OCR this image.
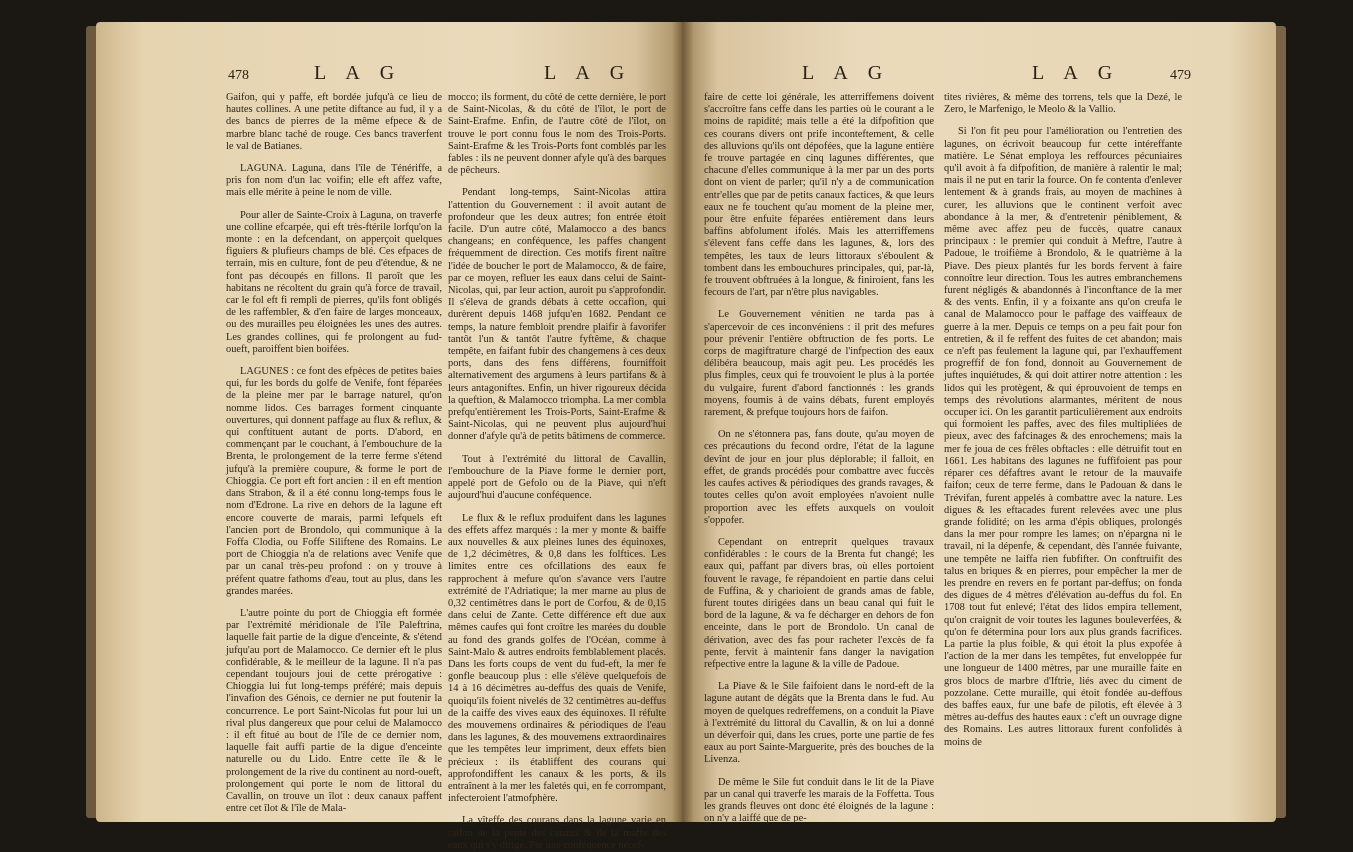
478	L A G	L A G

Gaifon, qui y paffe, eft bordée jufqu'à ce lieu de hautes collines. A une petite diftance au fud, il y a des bancs de pierres de la même efpece & de marbre blanc taché de rouge. Ces bancs traverfent le val de Batianes.

LAGUNA. Laguna, dans l'île de Ténériffe, a pris fon nom d'un lac voifin; elle eft affez vafte, mais elle mérite à peine le nom de ville.

Pour aller de Sainte-Croix à Laguna, on traverfe une colline efcarpée, qui eft très-ftérile lorfqu'on la monte : en la defcendant, on apperçoit quelques figuiers & plufieurs champs de blé. Ces efpaces de terrain, mis en culture, font de peu d'étendue, & ne font pas découpés en fillons. Il paroît que les habitans ne récoltent du grain qu'à force de travail, car le fol eft fi rempli de pierres, qu'ils font obligés de les raffembler, & d'en faire de larges monceaux, ou des murailles peu éloignées les unes des autres. Les grandes collines, qui fe prolongent au fud-oueft, paroiffent bien boifées.

LAGUNES : ce font des efpèces de petites baies qui, fur les bords du golfe de Venife, font féparées de la pleine mer par le barrage naturel, qu'on nomme lidos. Ces barrages forment cinquante ouvertures, qui donnent paffage au flux & reflux, & qui conftituent autant de ports. D'abord, en commençant par le couchant, à l'embouchure de la Brenta, le prolongement de la terre ferme s'étend jufqu'à la première coupure, & forme le port de Chioggia. Ce port eft fort ancien : il en eft mention dans Strabon, & il a été connu long-temps fous le nom d'Edrone. La rive en dehors de la lagune eft encore couverte de marais, parmi lefquels eft l'ancien port de Brondolo, qui communique à la Foffa Clodia, ou Foffe Siliftene des Romains. Le port de Chioggia n'a de relations avec Venife que par un canal très-peu profond : on y trouve à préfent quatre fathoms d'eau, tout au plus, dans les grandes marées.

L'autre pointe du port de Chioggia eft formée par l'extrémité méridionale de l'île Paleftrina, laquelle fait partie de la digue d'enceinte, & s'étend jufqu'au port de Malamocco. Ce dernier eft le plus confidérable, & le meilleur de la lagune. Il n'a pas cependant toujours joui de cette prérogative : Chioggia lui fut long-temps préféré; mais depuis l'invafion des Génois, ce dernier ne put foutenir la concurrence. Le port Saint-Nicolas fut pour lui un rival plus dangereux que pour celui de Malamocco : il eft fitué au bout de l'île de ce dernier nom, laquelle fait auffi partie de la digue d'enceinte naturelle ou du Lido. Entre cette île & le prolongement de la rive du continent au nord-oueft, prolongement qui porte le nom de littoral du Cavallin, on trouve un îlot : deux canaux paffent entre cet îlot & l'île de Mala-

mocco; ils forment, du côté de cette dernière, le port de Saint-Nicolas, & du côté de l'îlot, le port de Saint-Erafme. Enfin, de l'autre côté de l'îlot, on trouve le port connu fous le nom des Trois-Ports. Saint-Erafme & les Trois-Ports font comblés par les fables : ils ne peuvent donner afyle qu'à des barques de pêcheurs.

Pendant long-temps, Saint-Nicolas attira l'attention du Gouvernement : il avoit autant de profondeur que les deux autres; fon entrée étoit facile. D'un autre côté, Malamocco a des bancs changeans; en conféquence, les paffes changent fréquemment de direction. Ces motifs firent naître l'idée de boucher le port de Malamocco, & de faire, par ce moyen, refluer les eaux dans celui de Saint-Nicolas, qui, par leur action, auroit pu s'approfondir. Il s'éleva de grands débats à cette occafion, qui durèrent depuis 1468 jufqu'en 1682. Pendant ce temps, la nature fembloit prendre plaifir à favorifer tantôt l'un & tantôt l'autre fyftême, & chaque tempête, en faifant fubir des changemens à ces deux ports, dans des fens différens, fourniffoit alternativement des argumens à leurs partifans & à leurs antagoniftes. Enfin, un hiver rigoureux décida la queftion, & Malamocco triompha. La mer combla prefqu'entièrement les Trois-Ports, Saint-Erafme & Saint-Nicolas, qui ne peuvent plus aujourd'hui donner d'afyle qu'à de petits bâtimens de commerce.

Tout à l'extrémité du littoral de Cavallin, l'embouchure de la Piave forme le dernier port, appelé port de Gefolo ou de la Piave, qui n'eft aujourd'hui d'aucune conféquence.

Le flux & le reflux produifent dans les lagunes des effets affez marqués : la mer y monte & baiffe aux nouvelles & aux pleines lunes des équinoxes, de 1,2 décimètres, & 0,8 dans les folftices. Les limites entre ces ofcillations des eaux fe rapprochent à mefure qu'on s'avance vers l'autre extrémité de l'Adriatique; la mer marne au plus de 0,32 centimètres dans le port de Corfou, & de 0,15 dans celui de Zante. Cette différence eft due aux mêmes caufes qui font croître les marées du double au fond des grands golfes de l'Océan, comme à Saint-Malo & autres endroits femblablement placés. Dans les forts coups de vent du fud-eft, la mer fe gonfle beaucoup plus : elle s'élève quelquefois de 14 à 16 décimètres au-deffus des quais de Venife, quoiqu'ils foient nivelés de 32 centimètres au-deffus de la caiffe des vives eaux des équinoxes. Il réfulte des mouvemens ordinaires & périodiques de l'eau dans les lagunes, & des mouvemens extraordinaires que les tempêtes leur impriment, deux effets bien précieux : ils établiffent des courans qui approfondiffent les canaux & les ports, & ils entraînent à la mer les faletés qui, en fe corrompant, infecteroient l'atmofphère.

La vîteffe des courans dans la lagune varie en raifon de la pente des canaux & de la maffe des eaux qui s'y dirige. Par une conféquence nécef-

L A G	L A G	479

faire de cette loi générale, les atterriffemens doivent s'accroître fans ceffe dans les parties où le courant a le moins de rapidité; mais telle a été la difpofition que ces courans divers ont prife inconteftement, & celle des alluvions qu'ils ont dépofées, que la lagune entière fe trouve partagée en cinq lagunes différentes, que chacune d'elles communique à la mer par un des ports dont on vient de parler; qu'il n'y a de communication entr'elles que par de petits canaux factices, & que leurs eaux ne fe touchent qu'au moment de la pleine mer, pour être enfuite féparées entièrement dans leurs baffins abfolument ifolés. Mais les atterriffemens s'élevent fans ceffe dans les lagunes, &, lors des tempêtes, les taux de leurs littoraux s'éboulent & tombent dans les embouchures principales, qui, par-là, fe trouvent obftruées à la longue, & finiroient, fans les fecours de l'art, par n'être plus navigables.

Le Gouvernement vénitien ne tarda pas à s'apercevoir de ces inconvéniens : il prit des mefures pour prévenir l'entière obftruction de fes ports. Le corps de magiftrature chargé de l'infpection des eaux délibéra beaucoup, mais agit peu. Les procédés les plus fimples, ceux qui fe trouvoient le plus à la portée du vulgaire, furent d'abord fanctionnés : les grands moyens, foumis à de vains débats, furent employés rarement, & prefque toujours hors de faifon.

On ne s'étonnera pas, fans doute, qu'au moyen de ces précautions du fecond ordre, l'état de la lagune devînt de jour en jour plus déplorable; il falloit, en effet, de grands procédés pour combattre avec fuccès les caufes actives & périodiques des grands ravages, & toutes celles qu'on avoit employées n'avoient nulle proportion avec les effets auxquels on vouloit s'oppofer.

Cependant on entreprit quelques travaux confidérables : le cours de la Brenta fut changé; les eaux qui, paffant par divers bras, où elles portoient fouvent le ravage, fe répandoient en partie dans celui de Fuffina, & y charioient de grands amas de fable, furent toutes dirigées dans un beau canal qui fuit le bord de la lagune, & va fe décharger en dehors de fon enceinte, dans le port de Brondolo. Un canal de dérivation, avec des fas pour racheter l'excès de fa pente, fervit à maintenir fans danger la navigation refpective entre la lagune & la ville de Padoue.

La Piave & le Sile faifoient dans le nord-eft de la lagune autant de dégâts que la Brenta dans le fud. Au moyen de quelques redreffemens, on a conduit la Piave à l'extrémité du littoral du Cavallin, & on lui a donné un déverfoir qui, dans les crues, porte une partie de fes eaux au port Sainte-Marguerite, près des bouches de la Livenza.

De même le Sile fut conduit dans le lit de la Piave par un canal qui traverfe les marais de la Foffetta. Tous les grands fleuves ont donc été éloignés de la lagune : on n'y a laiffé que de pe-

tites rivières, & même des torrens, tels que la Dezé, le Zero, le Marfenigo, le Meolo & la Vallio.

Si l'on fit peu pour l'amélioration ou l'entretien des lagunes, on écrivoit beaucoup fur cette intéreffante matière. Le Sénat employa les reffources pécuniaires qu'il avoit à fa difpofition, de manière à ralentir le mal; mais il ne put en tarir la fource. On fe contenta d'enlever lentement & à grands frais, au moyen de machines à curer, les alluvions que le continent verfoit avec abondance à la mer, & d'entretenir péniblement, & même avec affez peu de fuccès, quatre canaux principaux : le premier qui conduit à Meftre, l'autre à Padoue, le troifième à Brondolo, & le quatrième à la Piave. Des pieux plantés fur les bords fervent à faire connoître leur direction. Tous les autres embranchemens furent négligés & abandonnés à l'inconftance de la mer & des vents. Enfin, il y a foixante ans qu'on creufa le canal de Malamocco pour le paffage des vaiffeaux de guerre à la mer. Depuis ce temps on a peu fait pour fon entretien, & il fe reffent des fuites de cet abandon; mais ce n'eft pas feulement la lagune qui, par l'exhauffement progreffif de fon fond, donnoit au Gouvernement de juftes inquiétudes, & qui doit attirer notre attention : les lidos qui les protègent, & qui éprouvoient de temps en temps des révolutions alarmantes, méritent de nous occuper ici. On les garantit particulièrement aux endroits qui formoient les paffes, avec des files multipliées de pieux, avec des fafcinages & des enrochemens; mais la mer fe joua de ces frêles obftacles : elle détruifit tout en 1661. Les habitans des lagunes ne fuffifoient pas pour réparer ces défaftres avant le retour de la mauvaife faifon; ceux de terre ferme, dans le Padouan & dans le Trévifan, furent appelés à combattre avec la nature. Les digues & les eftacades furent relevées avec une plus grande folidité; on les arma d'épis obliques, prolongés dans la mer pour rompre les lames; on n'épargna ni le travail, ni la dépenfe, & cependant, dès l'année fuivante, une tempête ne laiffa rien fubfifter. On conftruifit des talus en briques & en pierres, pour empêcher la mer de les prendre en revers en fe portant par-deffus; on fonda des digues de 4 mètres d'élévation au-deffus du fol. En 1708 tout fut enlevé; l'état des lidos empira tellement, qu'on craignit de voir toutes les lagunes bouleverfées, & qu'on fe détermina pour lors aux plus grands facrifices. La partie la plus foible, & qui étoit la plus expofée à l'action de la mer dans les tempêtes, fut enveloppée fur une longueur de 1400 mètres, par une muraille faite en gros blocs de marbre d'Iftrie, liés avec du ciment de pozzolane. Cette muraille, qui étoit fondée au-deffous des baffes eaux, fur une bafe de pilotis, eft élevée à 3 mètres au-deffus des hautes eaux : c'eft un ouvrage digne des Romains. Les autres littoraux furent confolidés à moins de
